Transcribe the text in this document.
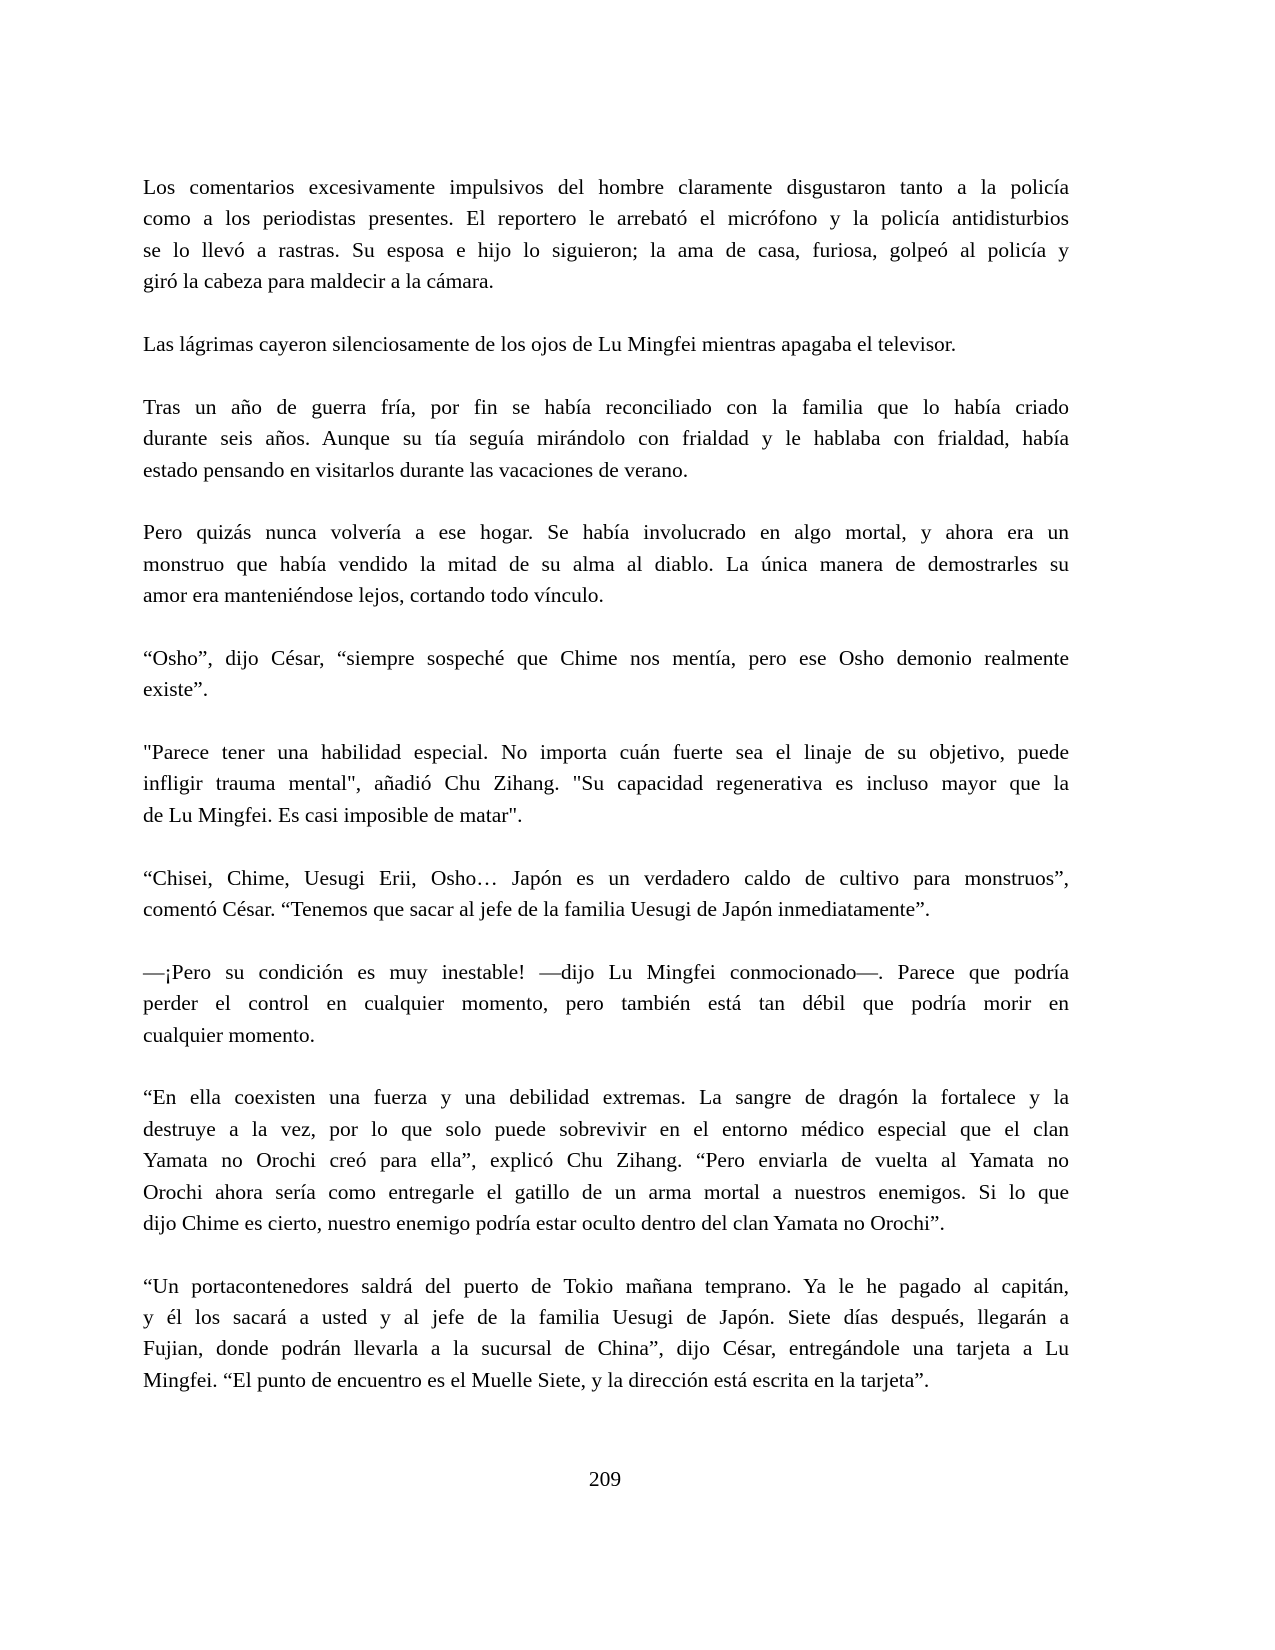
Los comentarios excesivamente impulsivos del hombre claramente disgustaron tanto a la policía
como a los periodistas presentes. El reportero le arrebató el micrófono y la policía antidisturbios
se lo llevó a rastras. Su esposa e hijo lo siguieron; la ama de casa, furiosa, golpeó al policía y
giró la cabeza para maldecir a la cámara.
Las lágrimas cayeron silenciosamente de los ojos de Lu Mingfei mientras apagaba el televisor.
Tras un año de guerra fría, por fin se había reconciliado con la familia que lo había criado
durante seis años. Aunque su tía seguía mirándolo con frialdad y le hablaba con frialdad, había
estado pensando en visitarlos durante las vacaciones de verano.
Pero quizás nunca volvería a ese hogar. Se había involucrado en algo mortal, y ahora era un
monstruo que había vendido la mitad de su alma al diablo. La única manera de demostrarles su
amor era manteniéndose lejos, cortando todo vínculo.
“Osho”, dijo César, “siempre sospeché que Chime nos mentía, pero ese Osho demonio realmente
existe”.
"Parece tener una habilidad especial. No importa cuán fuerte sea el linaje de su objetivo, puede
infligir trauma mental", añadió Chu Zihang. "Su capacidad regenerativa es incluso mayor que la
de Lu Mingfei. Es casi imposible de matar".
“Chisei, Chime, Uesugi Erii, Osho… Japón es un verdadero caldo de cultivo para monstruos”,
comentó César. “Tenemos que sacar al jefe de la familia Uesugi de Japón inmediatamente”.
—¡Pero su condición es muy inestable! —dijo Lu Mingfei conmocionado—. Parece que podría
perder el control en cualquier momento, pero también está tan débil que podría morir en
cualquier momento.
“En ella coexisten una fuerza y una debilidad extremas. La sangre de dragón la fortalece y la
destruye a la vez, por lo que solo puede sobrevivir en el entorno médico especial que el clan
Yamata no Orochi creó para ella”, explicó Chu Zihang. “Pero enviarla de vuelta al Yamata no
Orochi ahora sería como entregarle el gatillo de un arma mortal a nuestros enemigos. Si lo que
dijo Chime es cierto, nuestro enemigo podría estar oculto dentro del clan Yamata no Orochi”.
“Un portacontenedores saldrá del puerto de Tokio mañana temprano. Ya le he pagado al capitán,
y él los sacará a usted y al jefe de la familia Uesugi de Japón. Siete días después, llegarán a
Fujian, donde podrán llevarla a la sucursal de China”, dijo César, entregándole una tarjeta a Lu
Mingfei. “El punto de encuentro es el Muelle Siete, y la dirección está escrita en la tarjeta”.
209
